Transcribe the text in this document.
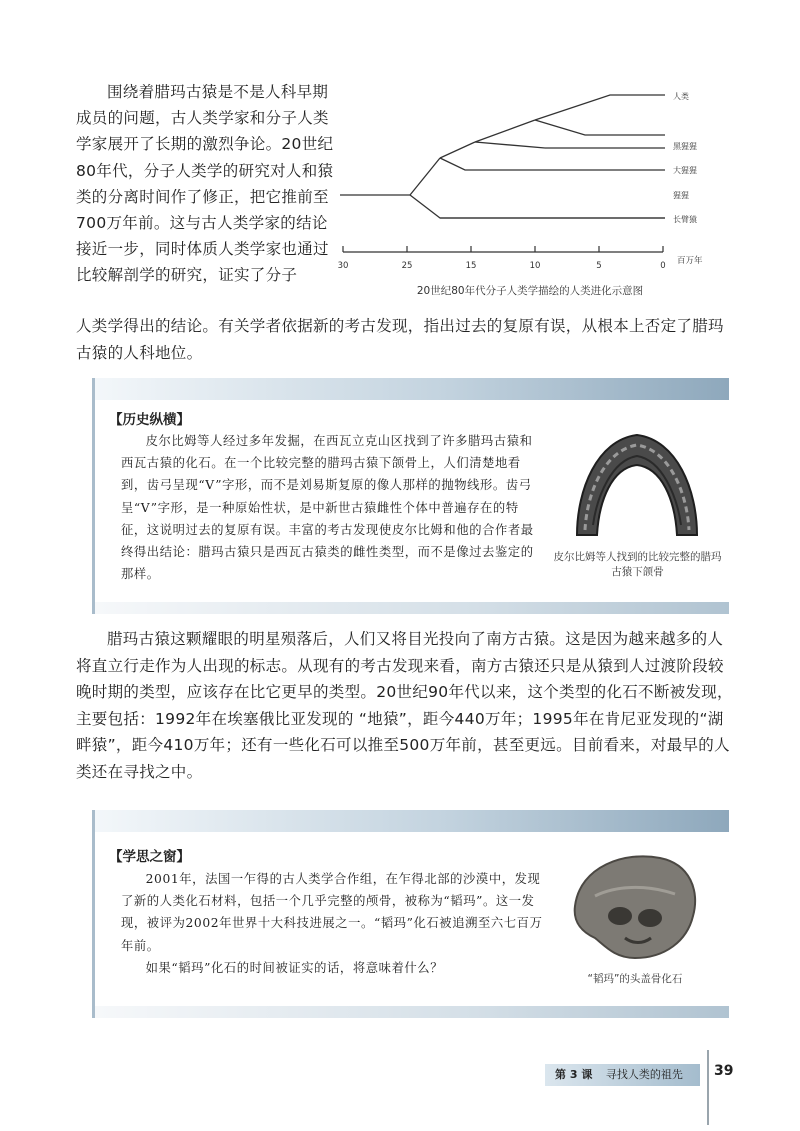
围绕着腊玛古猿是不是人科早期成员的问题，古人类学家和分子人类学家展开了长期的激烈争论。20世纪80年代，分子人类学的研究对人和猿类的分离时间作了修正，把它推前至700万年前。这与古人类学家的结论接近一步，同时体质人类学家也通过比较解剖学的研究，证实了分子
人类学得出的结论。有关学者依据新的考古发现，指出过去的复原有误，从根本上否定了腊玛古猿的人科地位。
人类
黑猩猩
大猩猩
猩猩
长臂猿
30	25	15	10	5	0 百万年
20世纪80年代分子人类学描绘的人类进化示意图
【历史纵横】
皮尔比姆等人经过多年发掘，在西瓦立克山区找到了许多腊玛古猿和西瓦古猿的化石。在一个比较完整的腊玛古猿下颌骨上，人们清楚地看到，齿弓呈现“V”字形，而不是刘易斯复原的像人那样的抛物线形。齿弓呈“V”字形，是一种原始性状，是中新世古猿雌性个体中普遍存在的特征，这说明过去的复原有误。丰富的考古发现使皮尔比姆和他的合作者最终得出结论：腊玛古猿只是西瓦古猿类的雌性类型，而不是像过去鉴定的那样。
皮尔比姆等人找到的比较完整的腊玛古猿下颌骨
腊玛古猿这颗耀眼的明星殒落后，人们又将目光投向了南方古猿。这是因为越来越多的人将直立行走作为人出现的标志。从现有的考古发现来看，南方古猿还只是从猿到人过渡阶段较晚时期的类型，应该存在比它更早的类型。20世纪90年代以来，这个类型的化石不断被发现，主要包括：1992年在埃塞俄比亚发现的 “地猿”，距今440万年；1995年在肯尼亚发现的“湖畔猿”，距今410万年；还有一些化石可以推至500万年前，甚至更远。目前看来，对最早的人类还在寻找之中。
【学思之窗】
2001年，法国一乍得的古人类学合作组，在乍得北部的沙漠中，发现了新的人类化石材料，包括一个几乎完整的颅骨，被称为“韬玛”。这一发现，被评为2002年世界十大科技进展之一。“韬玛”化石被追溯至六七百万年前。
如果“韬玛”化石的时间被证实的话，将意味着什么？
“韬玛”的头盖骨化石
第 3 课 寻找人类的祖先	39
